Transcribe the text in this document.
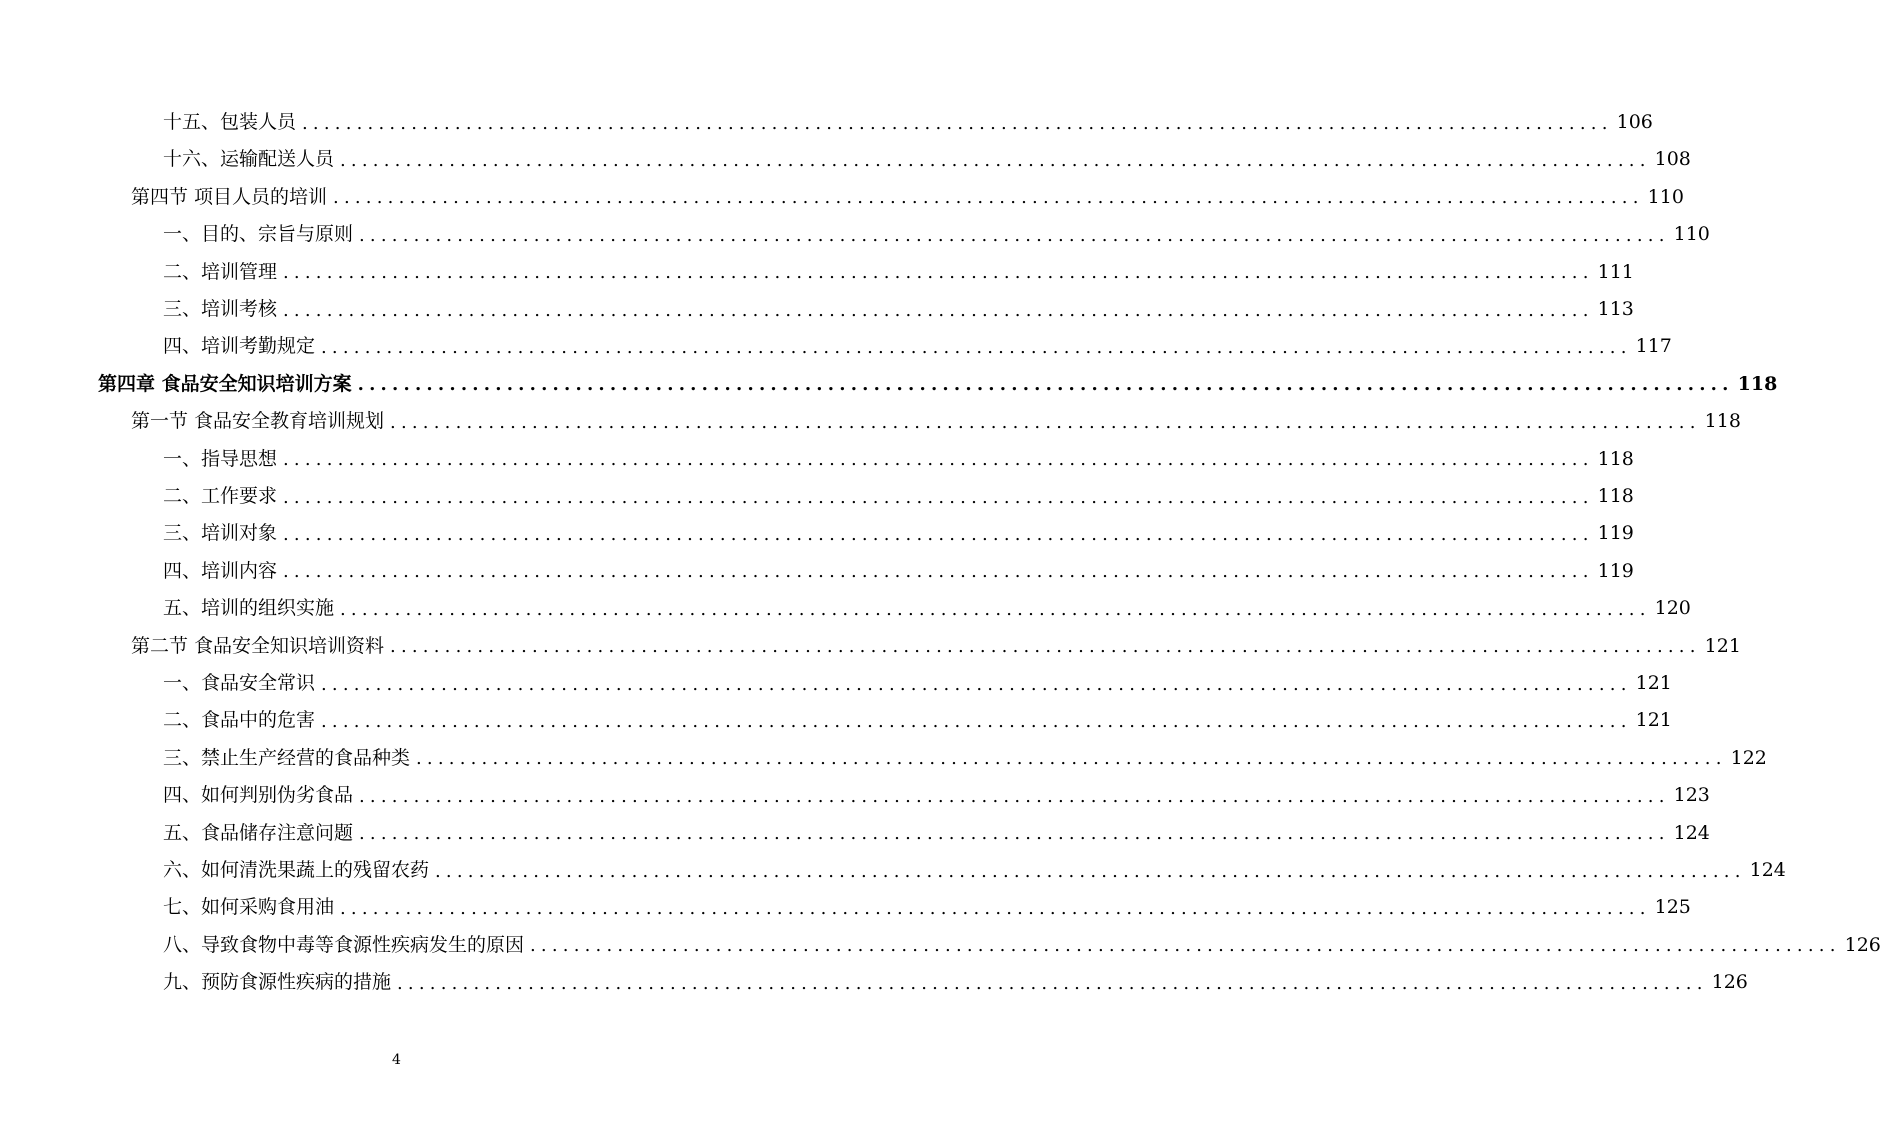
十五、包装人员 ........................................................................................................................ 106
十六、运输配送人员 ........................................................................................................................ 108
第四节 项目人员的培训 ........................................................................................................................ 110
一、目的、宗旨与原则 ........................................................................................................................ 110
二、培训管理 ........................................................................................................................ 111
三、培训考核 ........................................................................................................................ 113
四、培训考勤规定 ........................................................................................................................ 117
第四章 食品安全知识培训方案 ........................................................................................................................ 118
第一节 食品安全教育培训规划 ........................................................................................................................ 118
一、指导思想 ........................................................................................................................ 118
二、工作要求 ........................................................................................................................ 118
三、培训对象 ........................................................................................................................ 119
四、培训内容 ........................................................................................................................ 119
五、培训的组织实施 ........................................................................................................................ 120
第二节 食品安全知识培训资料 ........................................................................................................................ 121
一、食品安全常识 ........................................................................................................................ 121
二、食品中的危害 ........................................................................................................................ 121
三、禁止生产经营的食品种类 ........................................................................................................................ 122
四、如何判别伪劣食品 ........................................................................................................................ 123
五、食品储存注意问题 ........................................................................................................................ 124
六、如何清洗果蔬上的残留农药 ........................................................................................................................ 124
七、如何采购食用油 ........................................................................................................................ 125
八、导致食物中毒等食源性疾病发生的原因 ........................................................................................................................ 126
九、预防食源性疾病的措施 ........................................................................................................................ 126
4
